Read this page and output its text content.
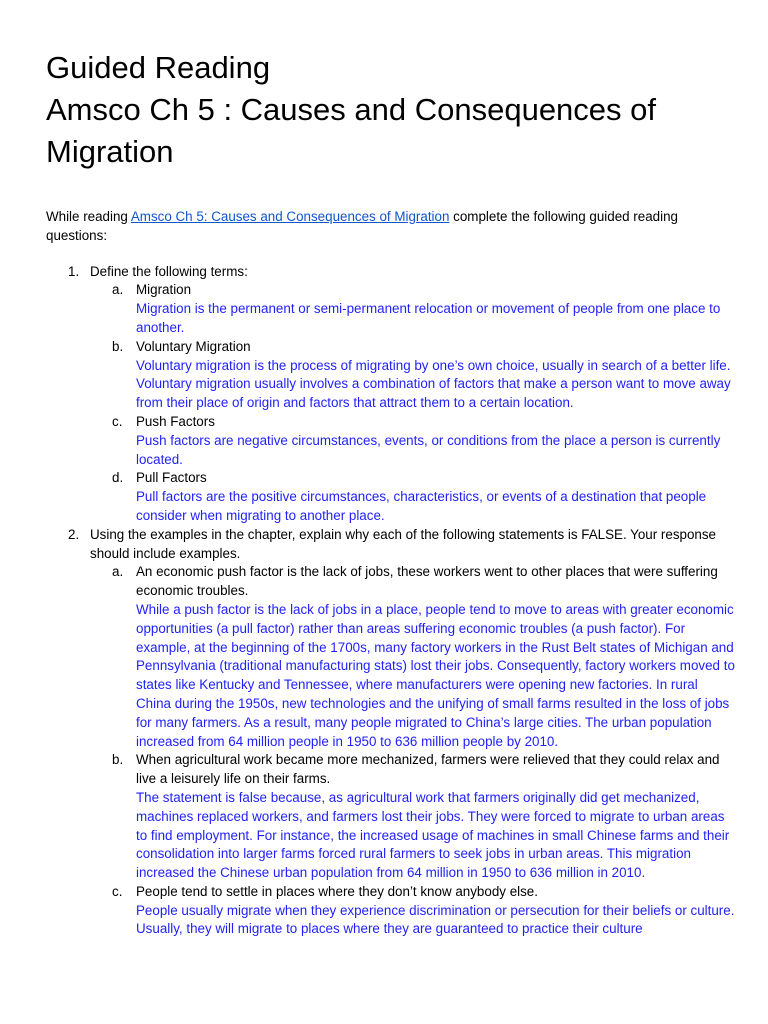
Guided Reading
Amsco Ch 5 : Causes and Consequences of
Migration
While reading Amsco Ch 5: Causes and Consequences of Migration complete the following guided reading questions:
1. Define the following terms:
a. Migration
Migration is the permanent or semi-permanent relocation or movement of people from one place to another.
b. Voluntary Migration
Voluntary migration is the process of migrating by one’s own choice, usually in search of a better life. Voluntary migration usually involves a combination of factors that make a person want to move away from their place of origin and factors that attract them to a certain location.
c. Push Factors
Push factors are negative circumstances, events, or conditions from the place a person is currently located.
d. Pull Factors
Pull factors are the positive circumstances, characteristics, or events of a destination that people consider when migrating to another place.
2. Using the examples in the chapter, explain why each of the following statements is FALSE. Your response should include examples.
a. An economic push factor is the lack of jobs, these workers went to other places that were suffering economic troubles.
While a push factor is the lack of jobs in a place, people tend to move to areas with greater economic opportunities (a pull factor) rather than areas suffering economic troubles (a push factor). For example, at the beginning of the 1700s, many factory workers in the Rust Belt states of Michigan and Pennsylvania (traditional manufacturing stats) lost their jobs. Consequently, factory workers moved to states like Kentucky and Tennessee, where manufacturers were opening new factories. In rural China during the 1950s, new technologies and the unifying of small farms resulted in the loss of jobs for many farmers. As a result, many people migrated to China’s large cities. The urban population increased from 64 million people in 1950 to 636 million people by 2010.
b. When agricultural work became more mechanized, farmers were relieved that they could relax and live a leisurely life on their farms.
The statement is false because, as agricultural work that farmers originally did get mechanized, machines replaced workers, and farmers lost their jobs. They were forced to migrate to urban areas to find employment. For instance, the increased usage of machines in small Chinese farms and their consolidation into larger farms forced rural farmers to seek jobs in urban areas. This migration increased the Chinese urban population from 64 million in 1950 to 636 million in 2010.
c. People tend to settle in places where they don’t know anybody else.
People usually migrate when they experience discrimination or persecution for their beliefs or culture. Usually, they will migrate to places where they are guaranteed to practice their culture
